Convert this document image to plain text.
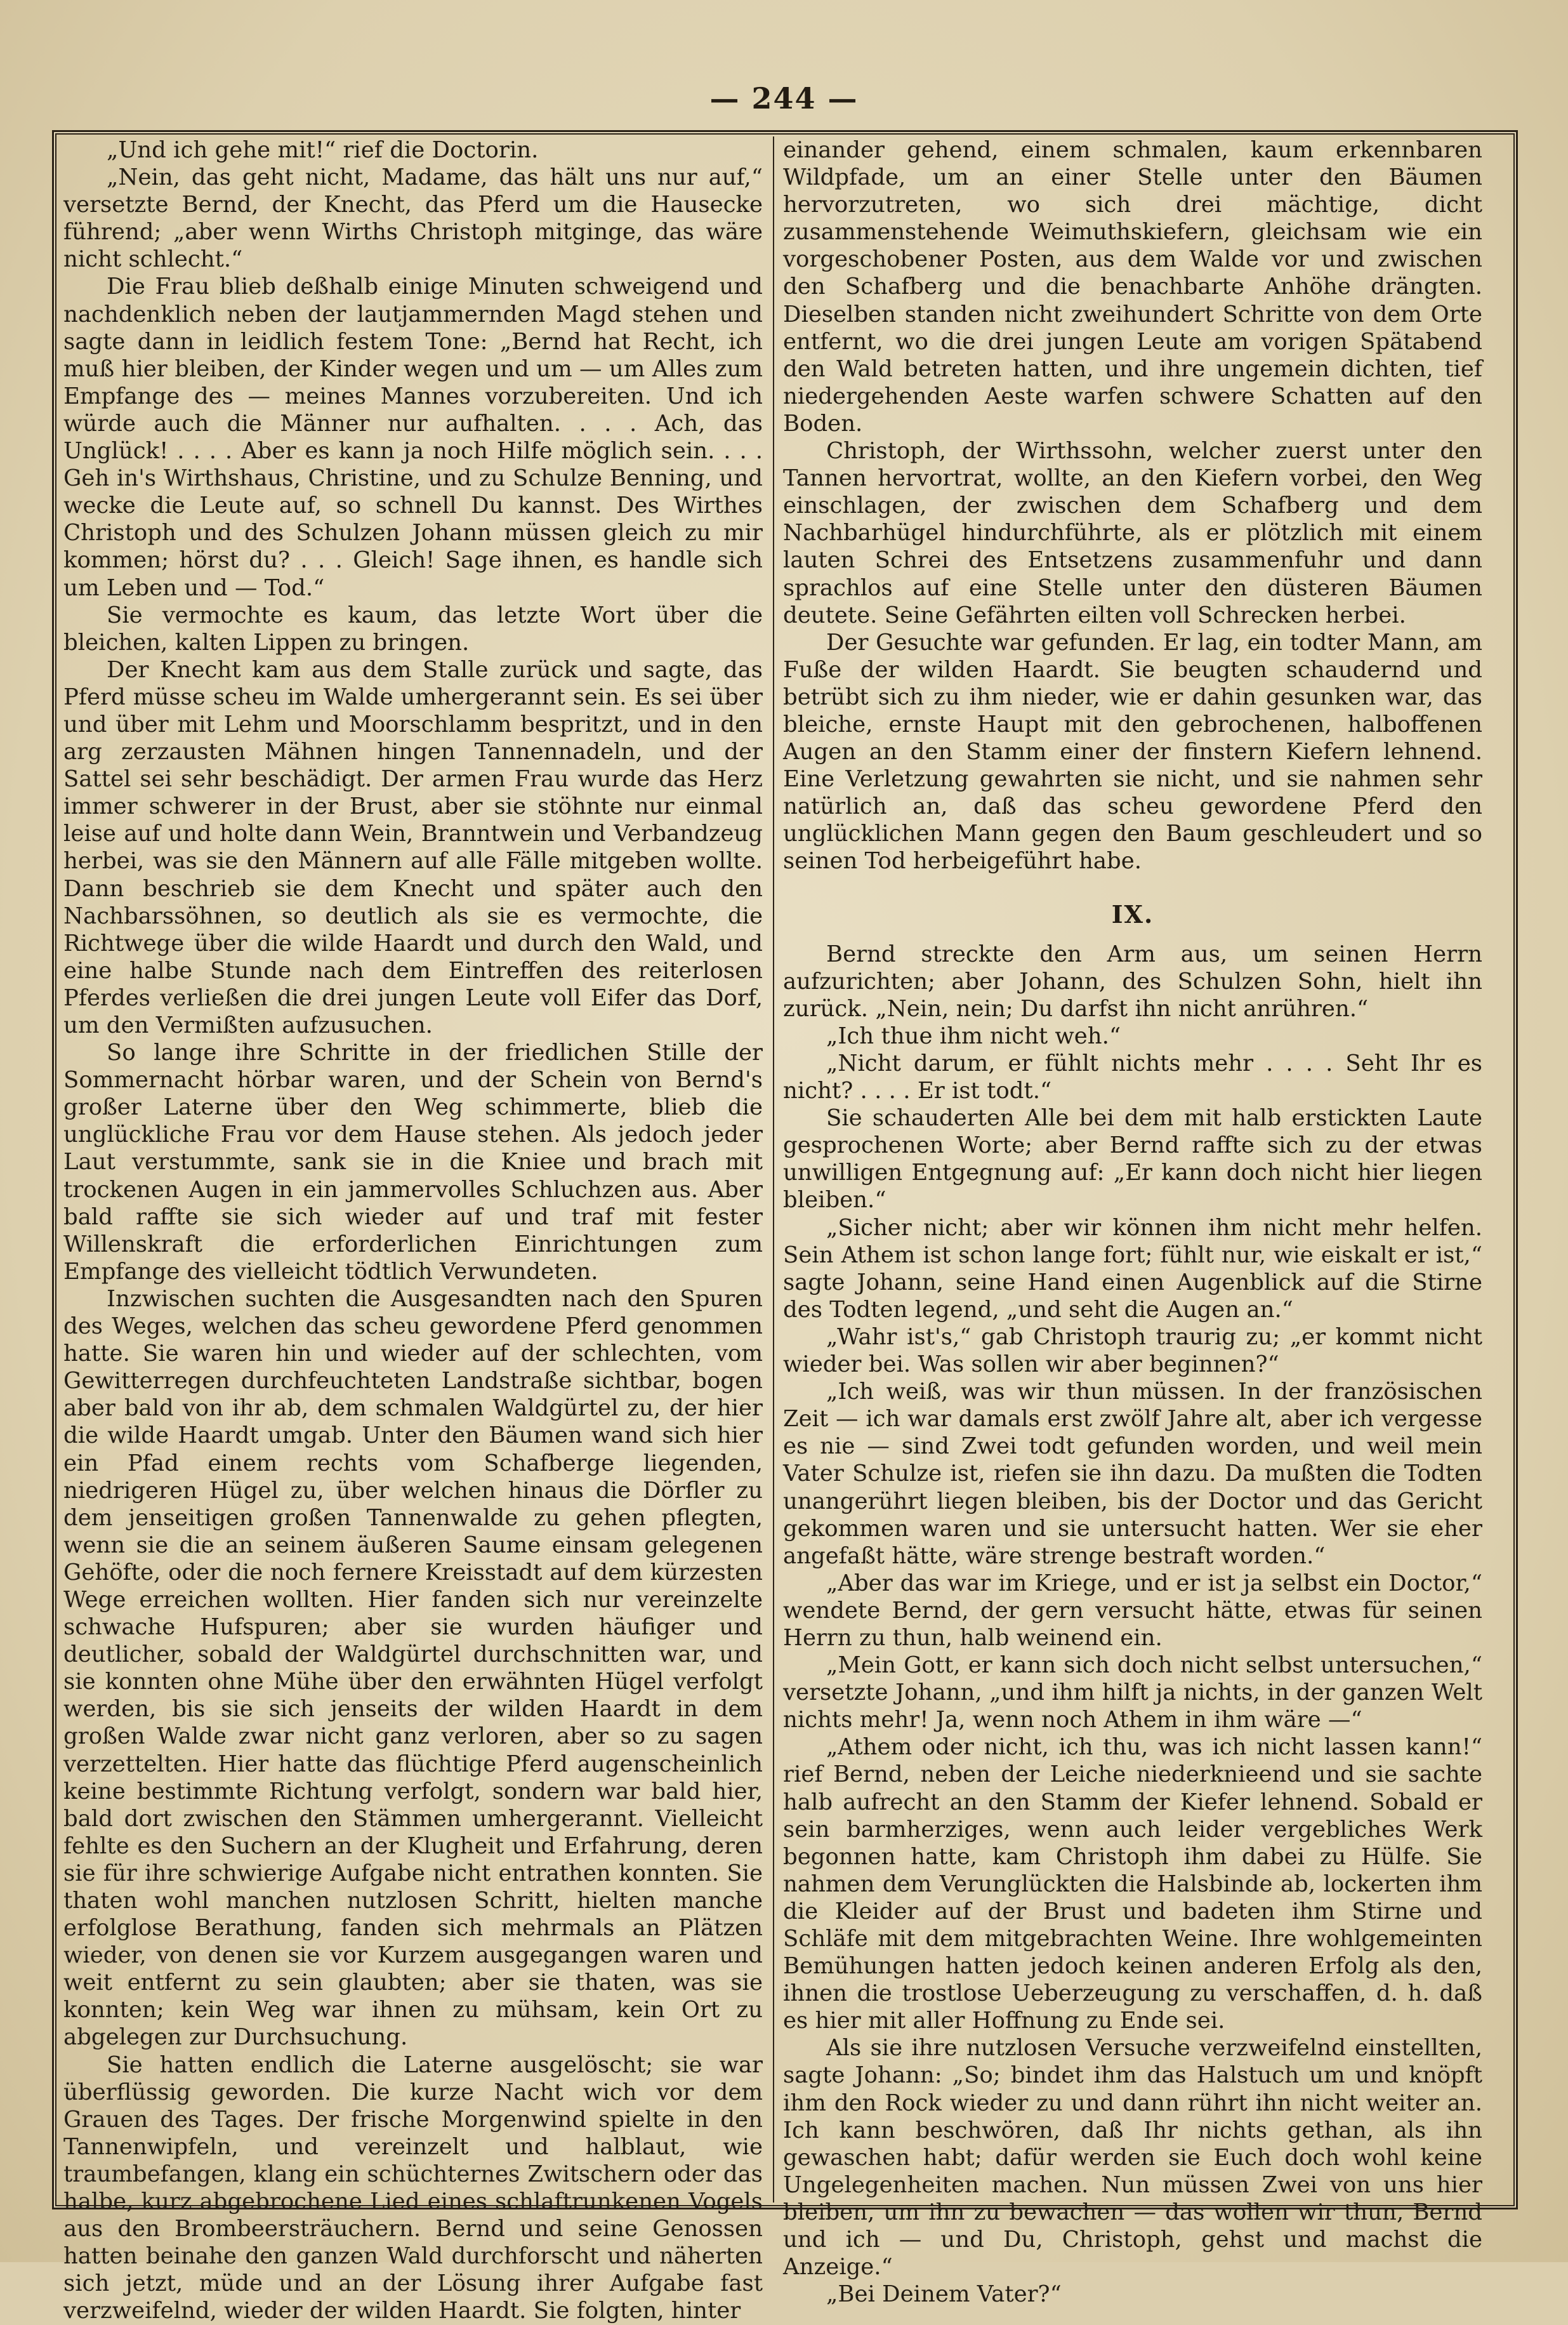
— 244 —

„Und ich gehe mit!“ rief die Doctorin.

„Nein, das geht nicht, Madame, das hält uns nur auf,“ versetzte Bernd, der Knecht, das Pferd um die Hausecke führend; „aber wenn Wirths Christoph mitginge, das wäre nicht schlecht.“

Die Frau blieb deßhalb einige Minuten schweigend und nachdenklich neben der lautjammernden Magd stehen und sagte dann in leidlich festem Tone: „Bernd hat Recht, ich muß hier bleiben, der Kinder wegen und um — um Alles zum Empfange des — meines Mannes vorzubereiten. Und ich würde auch die Männer nur aufhalten. . . . Ach, das Unglück! . . . . Aber es kann ja noch Hilfe möglich sein. . . . Geh in's Wirthshaus, Christine, und zu Schulze Benning, und wecke die Leute auf, so schnell Du kannst. Des Wirthes Christoph und des Schulzen Johann müssen gleich zu mir kommen; hörst du? . . . Gleich! Sage ihnen, es handle sich um Leben und — Tod.“

Sie vermochte es kaum, das letzte Wort über die bleichen, kalten Lippen zu bringen.

Der Knecht kam aus dem Stalle zurück und sagte, das Pferd müsse scheu im Walde umhergerannt sein. Es sei über und über mit Lehm und Moorschlamm bespritzt, und in den arg zerzausten Mähnen hingen Tannennadeln, und der Sattel sei sehr beschädigt. Der armen Frau wurde das Herz immer schwerer in der Brust, aber sie stöhnte nur einmal leise auf und holte dann Wein, Branntwein und Verbandzeug herbei, was sie den Männern auf alle Fälle mitgeben wollte. Dann beschrieb sie dem Knecht und später auch den Nachbarssöhnen, so deutlich als sie es vermochte, die Richtwege über die wilde Haardt und durch den Wald, und eine halbe Stunde nach dem Eintreffen des reiterlosen Pferdes verließen die drei jungen Leute voll Eifer das Dorf, um den Vermißten aufzusuchen.

So lange ihre Schritte in der friedlichen Stille der Sommernacht hörbar waren, und der Schein von Bernd's großer Laterne über den Weg schimmerte, blieb die unglückliche Frau vor dem Hause stehen. Als jedoch jeder Laut verstummte, sank sie in die Kniee und brach mit trockenen Augen in ein jammervolles Schluchzen aus. Aber bald raffte sie sich wieder auf und traf mit fester Willenskraft die erforderlichen Einrichtungen zum Empfange des vielleicht tödtlich Verwundeten.

Inzwischen suchten die Ausgesandten nach den Spuren des Weges, welchen das scheu gewordene Pferd genommen hatte. Sie waren hin und wieder auf der schlechten, vom Gewitterregen durchfeuchteten Landstraße sichtbar, bogen aber bald von ihr ab, dem schmalen Waldgürtel zu, der hier die wilde Haardt umgab. Unter den Bäumen wand sich hier ein Pfad einem rechts vom Schafberge liegenden, niedrigeren Hügel zu, über welchen hinaus die Dörfler zu dem jenseitigen großen Tannenwalde zu gehen pflegten, wenn sie die an seinem äußeren Saume einsam gelegenen Gehöfte, oder die noch fernere Kreisstadt auf dem kürzesten Wege erreichen wollten. Hier fanden sich nur vereinzelte schwache Hufspuren; aber sie wurden häufiger und deutlicher, sobald der Waldgürtel durchschnitten war, und sie konnten ohne Mühe über den erwähnten Hügel verfolgt werden, bis sie sich jenseits der wilden Haardt in dem großen Walde zwar nicht ganz verloren, aber so zu sagen verzettelten. Hier hatte das flüchtige Pferd augenscheinlich keine bestimmte Richtung verfolgt, sondern war bald hier, bald dort zwischen den Stämmen umhergerannt. Vielleicht fehlte es den Suchern an der Klugheit und Erfahrung, deren sie für ihre schwierige Aufgabe nicht entrathen konnten. Sie thaten wohl manchen nutzlosen Schritt, hielten manche erfolglose Berathung, fanden sich mehrmals an Plätzen wieder, von denen sie vor Kurzem ausgegangen waren und weit entfernt zu sein glaubten; aber sie thaten, was sie konnten; kein Weg war ihnen zu mühsam, kein Ort zu abgelegen zur Durchsuchung.

Sie hatten endlich die Laterne ausgelöscht; sie war überflüssig geworden. Die kurze Nacht wich vor dem Grauen des Tages. Der frische Morgenwind spielte in den Tannenwipfeln, und vereinzelt und halblaut, wie traumbefangen, klang ein schüchternes Zwitschern oder das halbe, kurz abgebrochene Lied eines schlaftrunkenen Vogels aus den Brombeersträuchern. Bernd und seine Genossen hatten beinahe den ganzen Wald durchforscht und näherten sich jetzt, müde und an der Lösung ihrer Aufgabe fast verzweifelnd, wieder der wilden Haardt. Sie folgten, hinter

einander gehend, einem schmalen, kaum erkennbaren Wildpfade, um an einer Stelle unter den Bäumen hervorzutreten, wo sich drei mächtige, dicht zusammenstehende Weimuthskiefern, gleichsam wie ein vorgeschobener Posten, aus dem Walde vor und zwischen den Schafberg und die benachbarte Anhöhe drängten. Dieselben standen nicht zweihundert Schritte von dem Orte entfernt, wo die drei jungen Leute am vorigen Spätabend den Wald betreten hatten, und ihre ungemein dichten, tief niedergehenden Aeste warfen schwere Schatten auf den Boden.

Christoph, der Wirthssohn, welcher zuerst unter den Tannen hervortrat, wollte, an den Kiefern vorbei, den Weg einschlagen, der zwischen dem Schafberg und dem Nachbarhügel hindurchführte, als er plötzlich mit einem lauten Schrei des Entsetzens zusammenfuhr und dann sprachlos auf eine Stelle unter den düsteren Bäumen deutete. Seine Gefährten eilten voll Schrecken herbei.

Der Gesuchte war gefunden. Er lag, ein todter Mann, am Fuße der wilden Haardt. Sie beugten schaudernd und betrübt sich zu ihm nieder, wie er dahin gesunken war, das bleiche, ernste Haupt mit den gebrochenen, halboffenen Augen an den Stamm einer der finstern Kiefern lehnend. Eine Verletzung gewahrten sie nicht, und sie nahmen sehr natürlich an, daß das scheu gewordene Pferd den unglücklichen Mann gegen den Baum geschleudert und so seinen Tod herbeigeführt habe.

IX.

Bernd streckte den Arm aus, um seinen Herrn aufzurichten; aber Johann, des Schulzen Sohn, hielt ihn zurück. „Nein, nein; Du darfst ihn nicht anrühren.“

„Ich thue ihm nicht weh.“

„Nicht darum, er fühlt nichts mehr . . . . Seht Ihr es nicht? . . . . Er ist todt.“

Sie schauderten Alle bei dem mit halb erstickten Laute gesprochenen Worte; aber Bernd raffte sich zu der etwas unwilligen Entgegnung auf: „Er kann doch nicht hier liegen bleiben.“

„Sicher nicht; aber wir können ihm nicht mehr helfen. Sein Athem ist schon lange fort; fühlt nur, wie eiskalt er ist,“ sagte Johann, seine Hand einen Augenblick auf die Stirne des Todten legend, „und seht die Augen an.“

„Wahr ist's,“ gab Christoph traurig zu; „er kommt nicht wieder bei. Was sollen wir aber beginnen?“

„Ich weiß, was wir thun müssen. In der französischen Zeit — ich war damals erst zwölf Jahre alt, aber ich vergesse es nie — sind Zwei todt gefunden worden, und weil mein Vater Schulze ist, riefen sie ihn dazu. Da mußten die Todten unangerührt liegen bleiben, bis der Doctor und das Gericht gekommen waren und sie untersucht hatten. Wer sie eher angefaßt hätte, wäre strenge bestraft worden.“

„Aber das war im Kriege, und er ist ja selbst ein Doctor,“ wendete Bernd, der gern versucht hätte, etwas für seinen Herrn zu thun, halb weinend ein.

„Mein Gott, er kann sich doch nicht selbst untersuchen,“ versetzte Johann, „und ihm hilft ja nichts, in der ganzen Welt nichts mehr! Ja, wenn noch Athem in ihm wäre —“

„Athem oder nicht, ich thu, was ich nicht lassen kann!“ rief Bernd, neben der Leiche niederknieend und sie sachte halb aufrecht an den Stamm der Kiefer lehnend. Sobald er sein barmherziges, wenn auch leider vergebliches Werk begonnen hatte, kam Christoph ihm dabei zu Hülfe. Sie nahmen dem Verunglückten die Halsbinde ab, lockerten ihm die Kleider auf der Brust und badeten ihm Stirne und Schläfe mit dem mitgebrachten Weine. Ihre wohlgemeinten Bemühungen hatten jedoch keinen anderen Erfolg als den, ihnen die trostlose Ueberzeugung zu verschaffen, d. h. daß es hier mit aller Hoffnung zu Ende sei.

Als sie ihre nutzlosen Versuche verzweifelnd einstellten, sagte Johann: „So; bindet ihm das Halstuch um und knöpft ihm den Rock wieder zu und dann rührt ihn nicht weiter an. Ich kann beschwören, daß Ihr nichts gethan, als ihn gewaschen habt; dafür werden sie Euch doch wohl keine Ungelegenheiten machen. Nun müssen Zwei von uns hier bleiben, um ihn zu bewachen — das wollen wir thun, Bernd und ich — und Du, Christoph, gehst und machst die Anzeige.“

„Bei Deinem Vater?“
